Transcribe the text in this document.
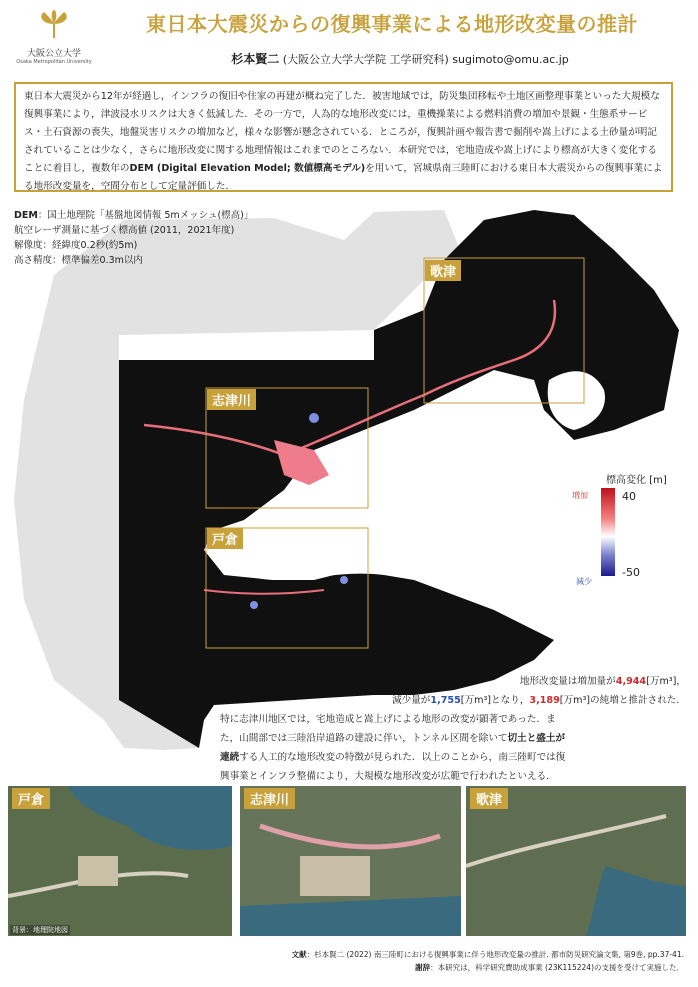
大阪公立大学
Osaka Metropolitan University
東日本大震災からの復興事業による地形改変量の推計
杉本賢二 (大阪公立大学大学院 工学研究科) sugimoto@omu.ac.jp
東日本大震災から12年が経過し，インフラの復旧や住家の再建が概ね完了した．被害地域では，防災集団移転や土地区画整理事業といった大規模な復興事業により，津波浸水リスクは大きく低減した．その一方で，人為的な地形改変には，重機操業による燃料消費の増加や景観・生態系サービス・土石資源の喪失，地盤災害リスクの増加など，様々な影響が懸念されている．ところが，復興計画や報告書で掘削や嵩上げによる土砂量が明記されていることは少なく，さらに地形改変に関する地理情報はこれまでのところない．本研究では，宅地造成や嵩上げにより標高が大きく変化することに着目し，複数年のDEM (Digital Elevation Model; 数値標高モデル)を用いて，宮城県南三陸町における東日本大震災からの復興事業による地形改変量を，空間分布として定量評価した．
歌津
志津川
戸倉
DEM：国土地理院「基盤地図情報 5mメッシュ(標高)」
航空レーザ測量に基づく標高値 (2011，2021年度)
解像度：経緯度0.2秒(約5m)
高さ精度：標準偏差0.3m以内
標高変化 [m]
40
-50
増加
減少
地形改変量は増加量が4,944[万m³]，
減少量が1,755[万m³]となり，3,189[万m³]の純増と推計された．
特に志津川地区では，宅地造成と嵩上げによる地形の改変が顕著であった．ま
た，山間部では三陸沿岸道路の建設に伴い，トンネル区間を除いて切土と盛土が
連続する人工的な地形改変の特徴が見られた．以上のことから，南三陸町では復
興事業とインフラ整備により，大規模な地形改変が広範で行われたといえる．
戸倉
背景：地理院地図
志津川	歌津
文献：杉本賢二 (2022) 南三陸町における復興事業に伴う地形改変量の推計. 都市防災研究論文集, 第9巻, pp.37-41.
謝辞：本研究は，科学研究費助成事業 (23K11522​4)の支援を受けて実施した．
